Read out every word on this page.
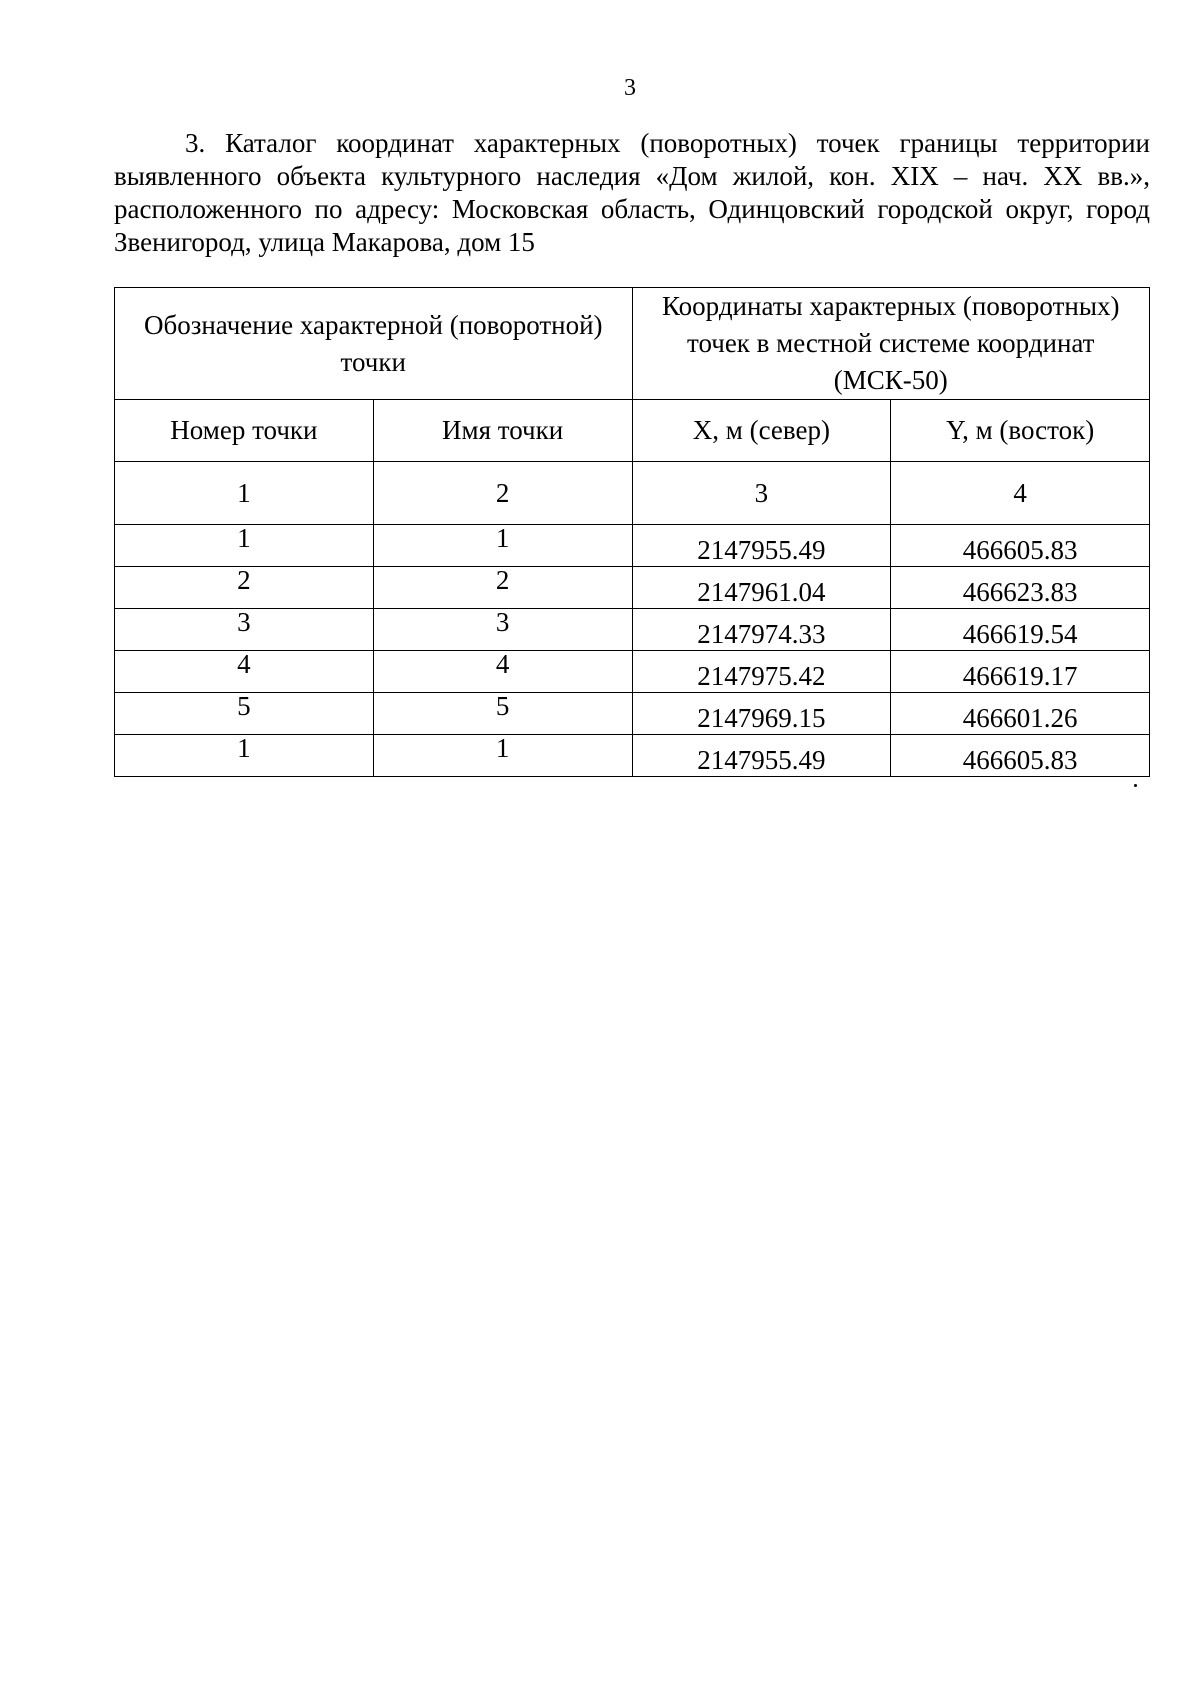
3

3. Каталог координат характерных (поворотных) точек границы территории выявленного объекта культурного наследия «Дом жилой, кон. XIX – нач. XX вв.», расположенного по адресу: Московская область, Одинцовский городской округ, город Звенигород, улица Макарова, дом 15

Обозначение характерной (поворотной) точки		Координаты характерных (поворотных) точек в местной системе координат (МСК-50)	
Номер точки	Имя точки	X, м (север)	Y, м (восток)
1	2	3	4
1	1	2147955.49	466605.83
2	2	2147961.04	466623.83
3	3	2147974.33	466619.54
4	4	2147975.42	466619.17
5	5	2147969.15	466601.26
1	1	2147955.49	466605.83
